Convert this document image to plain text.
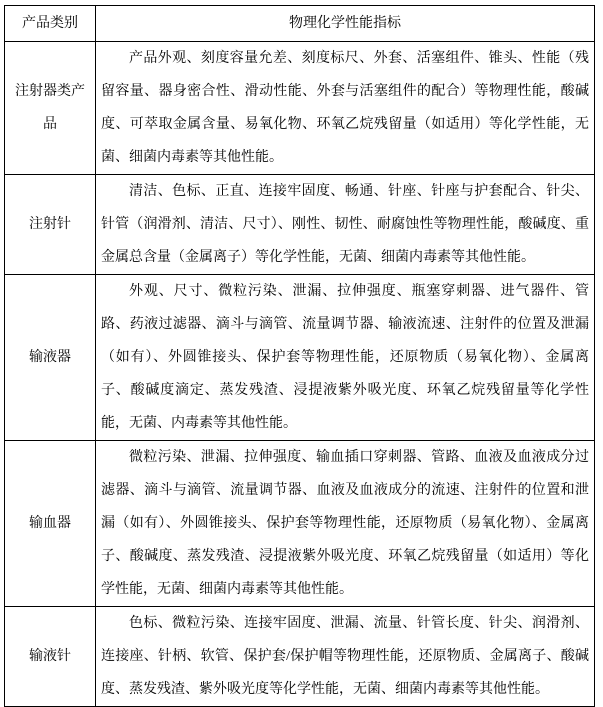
产品类别	物理化学性能指标
注射器类产品	产品外观、刻度容量允差、刻度标尺、外套、活塞组件、锥头、性能（残留容量、器身密合性、滑动性能、外套与活塞组件的配合）等物理性能，酸碱度、可萃取金属含量、易氧化物、环氧乙烷残留量（如适用）等化学性能，无菌、细菌内毒素等其他性能。
注射针	清洁、色标、正直、连接牢固度、畅通、针座、针座与护套配合、针尖、针管（润滑剂、清洁、尺寸）、刚性、韧性、耐腐蚀性等物理性能，酸碱度、重金属总含量（金属离子）等化学性能，无菌、细菌内毒素等其他性能。
输液器	外观、尺寸、微粒污染、泄漏、拉伸强度、瓶塞穿刺器、进气器件、管路、药液过滤器、滴斗与滴管、流量调节器、输液流速、注射件的位置及泄漏（如有）、外圆锥接头、保护套等物理性能，还原物质（易氧化物）、金属离子、酸碱度滴定、蒸发残渣、浸提液紫外吸光度、环氧乙烷残留量等化学性能，无菌、内毒素等其他性能。
输血器	微粒污染、泄漏、拉伸强度、输血插口穿刺器、管路、血液及血液成分过滤器、滴斗与滴管、流量调节器、血液及血液成分的流速、注射件的位置和泄漏（如有）、外圆锥接头、保护套等物理性能，还原物质（易氧化物）、金属离子、酸碱度、蒸发残渣、浸提液紫外吸光度、环氧乙烷残留量（如适用）等化学性能，无菌、细菌内毒素等其他性能。
输液针	色标、微粒污染、连接牢固度、泄漏、流量、针管长度、针尖、润滑剂、连接座、针柄、软管、保护套/保护帽等物理性能，还原物质、金属离子、酸碱度、蒸发残渣、紫外吸光度等化学性能，无菌、细菌内毒素等其他性能。
